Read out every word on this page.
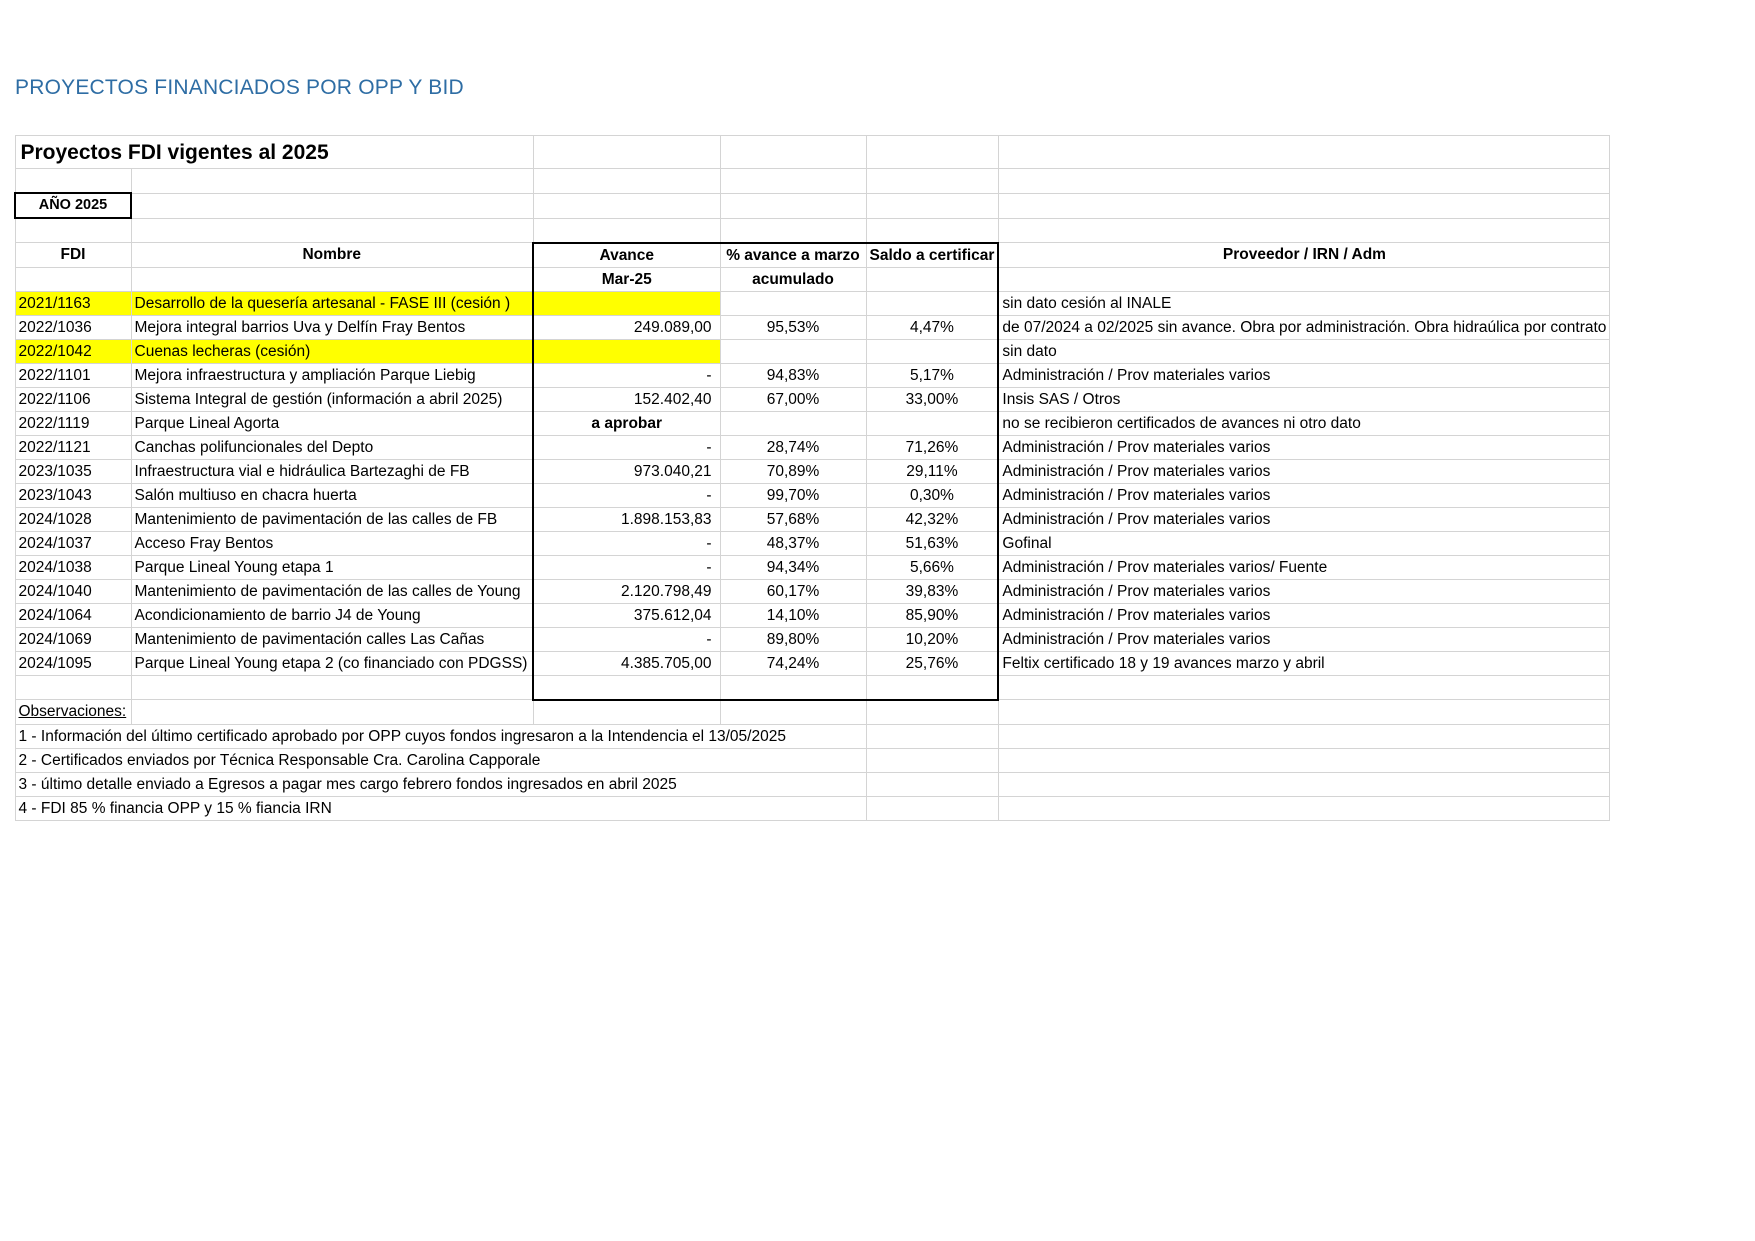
PROYECTOS FINANCIADOS POR OPP Y BID
Proyectos FDI vigentes al 2025					

AÑO 2025					

FDI	Nombre	Avance	% avance a marzo	Saldo a certificar	Proveedor / IRN / Adm
		Mar-25	acumulado		
2021/1163	Desarrollo de la quesería artesanal - FASE III (cesión )				sin dato cesión al INALE
2022/1036	Mejora integral barrios Uva y Delfín Fray Bentos	249.089,00	95,53%	4,47%	de 07/2024 a 02/2025 sin avance. Obra por administración. Obra hidraúlica por contrato
2022/1042	Cuenas lecheras (cesión)				sin dato
2022/1101	Mejora infraestructura y ampliación Parque Liebig	-	94,83%	5,17%	Administración / Prov materiales varios
2022/1106	Sistema Integral de gestión (información a abril 2025)	152.402,40	67,00%	33,00%	Insis SAS / Otros
2022/1119	Parque Lineal Agorta	a aprobar			no se recibieron certificados de avances ni otro dato
2022/1121	Canchas polifuncionales del Depto	-	28,74%	71,26%	Administración / Prov materiales varios
2023/1035	Infraestructura vial e hidráulica Bartezaghi de FB	973.040,21	70,89%	29,11%	Administración / Prov materiales varios
2023/1043	Salón multiuso en chacra huerta	-	99,70%	0,30%	Administración / Prov materiales varios
2024/1028	Mantenimiento de pavimentación de las calles de FB	1.898.153,83	57,68%	42,32%	Administración / Prov materiales varios
2024/1037	Acceso Fray Bentos	-	48,37%	51,63%	Gofinal
2024/1038	Parque Lineal Young etapa 1	-	94,34%	5,66%	Administración / Prov materiales varios/ Fuente
2024/1040	Mantenimiento de pavimentación de las calles de Young	2.120.798,49	60,17%	39,83%	Administración / Prov materiales varios
2024/1064	Acondicionamiento de barrio J4 de Young	375.612,04	14,10%	85,90%	Administración / Prov materiales varios
2024/1069	Mantenimiento de pavimentación calles Las Cañas	-	89,80%	10,20%	Administración / Prov materiales varios
2024/1095	Parque Lineal Young etapa 2 (co financiado con PDGSS)	4.385.705,00	74,24%	25,76%	Feltix certificado 18 y 19 avances marzo y abril

Observaciones:					
1 - Información del último certificado aprobado por OPP cuyos fondos ingresaron a la Intendencia el 13/05/2025					
2 - Certificados enviados por Técnica Responsable Cra. Carolina Capporale					
3 - último detalle enviado a Egresos a pagar mes cargo febrero fondos ingresados en abril 2025					
4 - FDI 85 % financia OPP y 15 % fiancia IRN					
